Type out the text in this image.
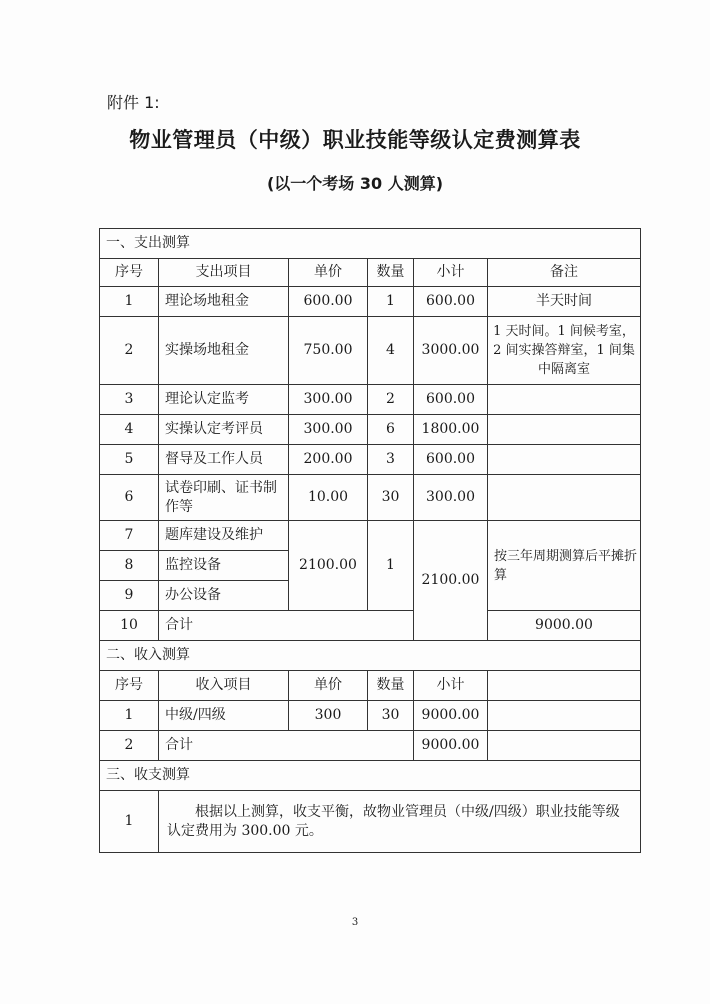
附件 1:
物业管理员（中级）职业技能等级认定费测算表
(以一个考场 30 人测算)
一、支出测算						
序号	支出项目	单价	数量	小计	备注	
1	理论场地租金	600.00	1	600.00	半天时间	
2	实操场地租金	750.00	4	3000.00	1 天时间。1 间候考室，2 间实操答辩室，1 间集中隔离室	
3	理论认定监考	300.00	2	600.00		
4	实操认定考评员	300.00	6	1800.00		
5	督导及工作人员	200.00	3	600.00		
6	试卷印刷、证书制作等	10.00	30	300.00		
7	题库建设及维护	2100.00	1	2100.00	按三年周期测算后平摊折算	
8	监控设备					
9	办公设备					
10	合计				9000.00	
二、收入测算						
序号	收入项目	单价	数量	小计		
1	中级/四级	300	30	9000.00		
2	合计			9000.00		
三、收支测算						
1	根据以上测算，收支平衡，故物业管理员（中级/四级）职业技能等级认定费用为 300.00 元。					
3
